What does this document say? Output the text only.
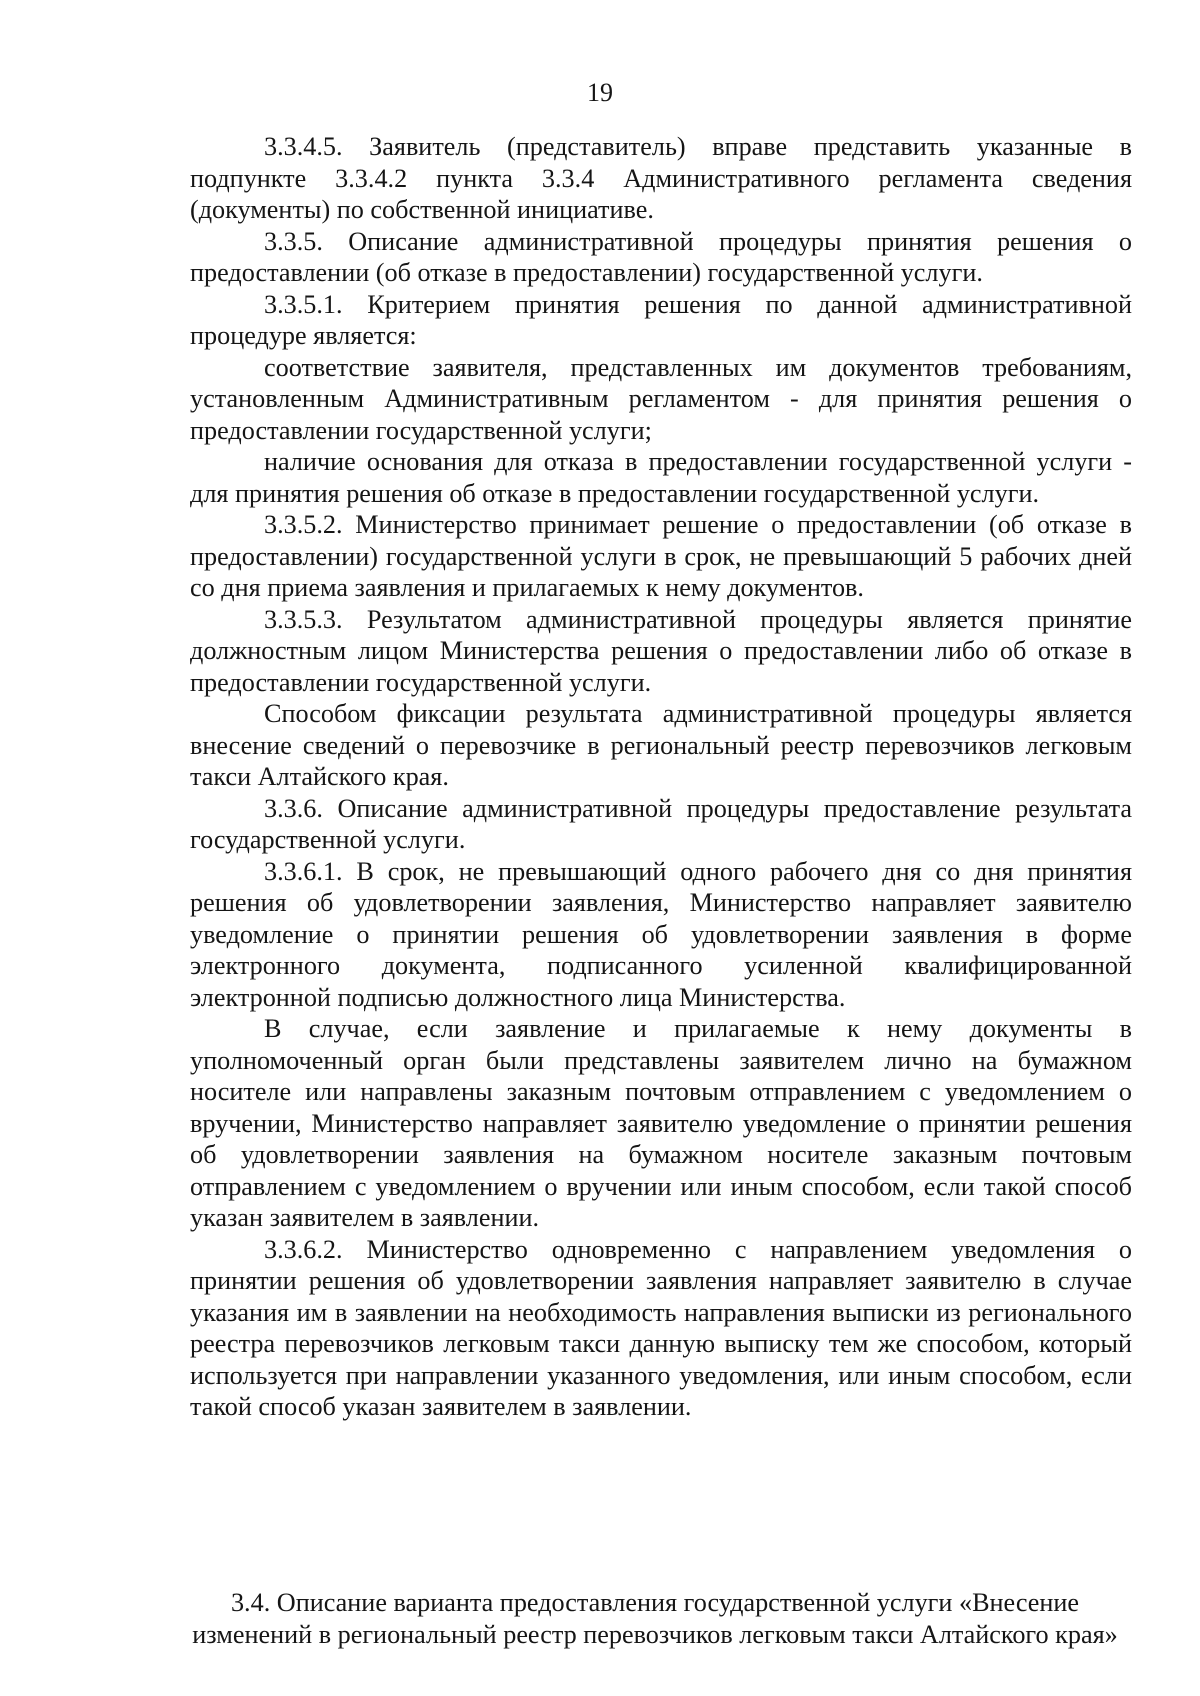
19

3.3.4.5. Заявитель (представитель) вправе представить указанные в подпункте 3.3.4.2 пункта 3.3.4 Административного регламента сведения (документы) по собственной инициативе.

3.3.5. Описание административной процедуры принятия решения о предоставлении (об отказе в предоставлении) государственной услуги.

3.3.5.1. Критерием принятия решения по данной административной процедуре является:

соответствие заявителя, представленных им документов требованиям, установленным Административным регламентом - для принятия решения о предоставлении государственной услуги;

наличие основания для отказа в предоставлении государственной услуги - для принятия решения об отказе в предоставлении государственной услуги.

3.3.5.2. Министерство принимает решение о предоставлении (об отказе в предоставлении) государственной услуги в срок, не превышающий 5 рабочих дней со дня приема заявления и прилагаемых к нему документов.

3.3.5.3. Результатом административной процедуры является принятие должностным лицом Министерства решения о предоставлении либо об отказе в предоставлении государственной услуги.

Способом фиксации результата административной процедуры является внесение сведений о перевозчике в региональный реестр перевозчиков легковым такси Алтайского края.

3.3.6. Описание административной процедуры предоставление результата государственной услуги.

3.3.6.1. В срок, не превышающий одного рабочего дня со дня принятия решения об удовлетворении заявления, Министерство направляет заявителю уведомление о принятии решения об удовлетворении заявления в форме электронного документа, подписанного усиленной квалифицированной электронной подписью должностного лица Министерства.

В случае, если заявление и прилагаемые к нему документы в уполномоченный орган были представлены заявителем лично на бумажном носителе или направлены заказным почтовым отправлением с уведомлением о вручении, Министерство направляет заявителю уведомление о принятии решения об удовлетворении заявления на бумажном носителе заказным почтовым отправлением с уведомлением о вручении или иным способом, если такой способ указан заявителем в заявлении.

3.3.6.2. Министерство одновременно с направлением уведомления о принятии решения об удовлетворении заявления направляет заявителю в случае указания им в заявлении на необходимость направления выписки из регионального реестра перевозчиков легковым такси данную выписку тем же способом, который используется при направлении указанного уведомления, или иным способом, если такой способ указан заявителем в заявлении.

3.4. Описание варианта предоставления государственной услуги «Внесение изменений в региональный реестр перевозчиков легковым такси Алтайского края»
